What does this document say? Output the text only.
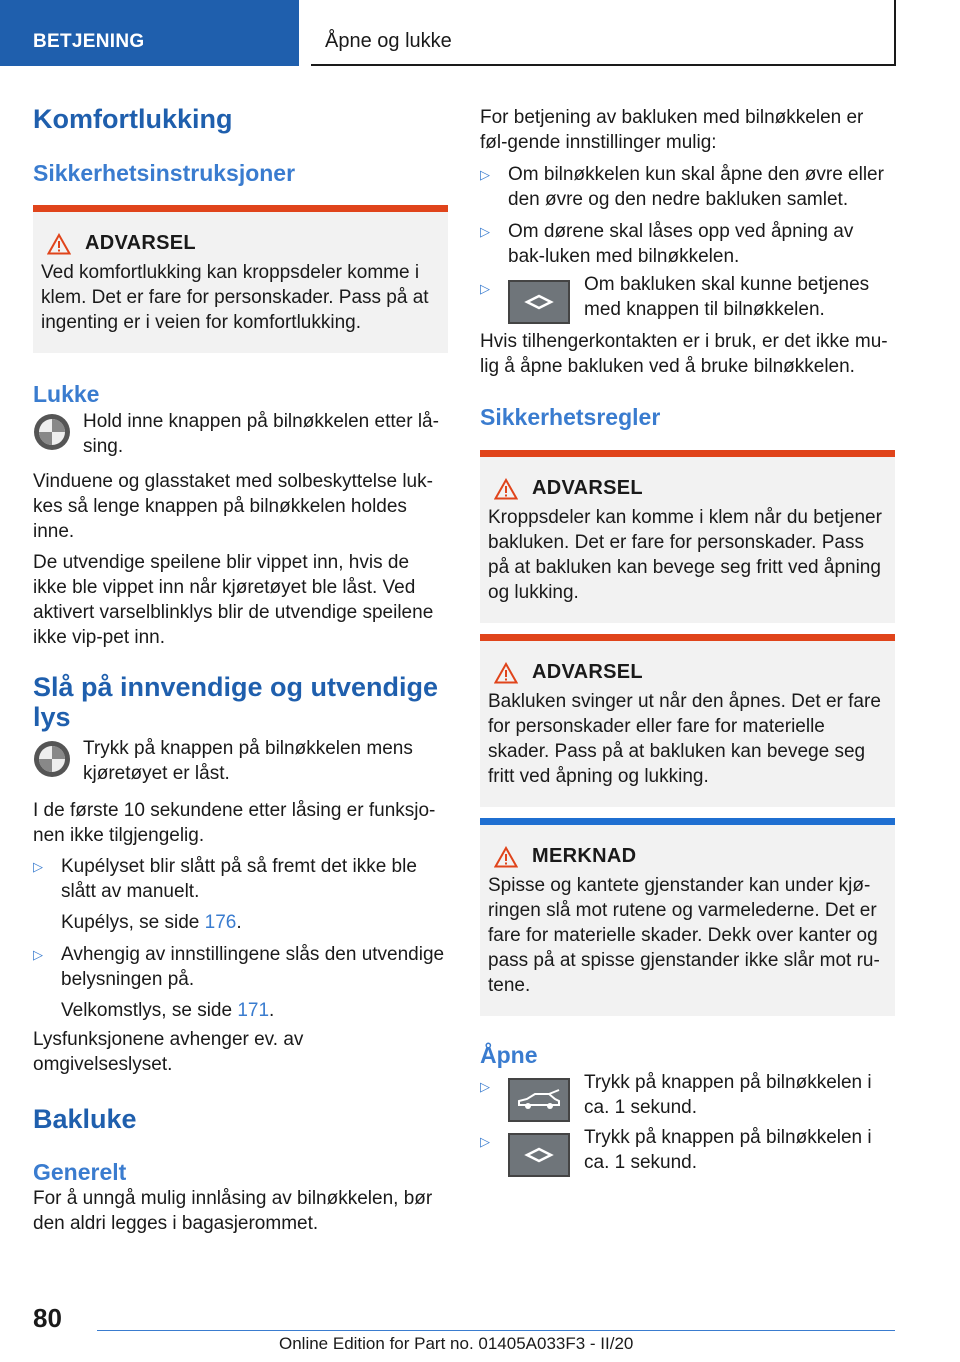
BETJENING	Åpne og lukke
Komfortlukking
Sikkerhetsinstruksjoner
ADVARSEL

Ved komfortlukking kan kroppsdeler komme i klem. Det er fare for personskader. Pass på at ingenting er i veien for komfortlukking.

Lukke

Hold inne knappen på bilnøkkelen etter lå-sing.

Vinduene og glasstaket med solbeskyttelse luk-kes så lenge knappen på bilnøkkelen holdes inne.

De utvendige speilene blir vippet inn, hvis de ikke ble vippet inn når kjøretøyet ble låst. Ved aktivert varselblinklys blir de utvendige speilene ikke vip-pet inn.

Slå på innvendige og utvendige lys

Trykk på knappen på bilnøkkelen mens kjøretøyet er låst.

I de første 10 sekundene etter låsing er funksjo-nen ikke tilgjengelig.

▷ Kupélyset blir slått på så fremt det ikke ble slått av manuelt.
Kupélys, se side 176.
▷ Avhengig av innstillingene slås den utvendige belysningen på.
Velkomstlys, se side 171.

Lysfunksjonene avhenger ev. av omgivelseslyset.

Bakluke
Generelt

For å unngå mulig innlåsing av bilnøkkelen, bør den aldri legges i bagasjerommet.

For betjening av bakluken med bilnøkkelen er føl-gende innstillinger mulig:

▷ Om bilnøkkelen kun skal åpne den øvre eller den øvre og den nedre bakluken samlet.
▷ Om dørene skal låses opp ved åpning av bak-luken med bilnøkkelen.
▷ Om bakluken skal kunne betjenes med knappen til bilnøkkelen.

Hvis tilhengerkontakten er i bruk, er det ikke mu-lig å åpne bakluken ved å bruke bilnøkkelen.

Sikkerhetsregler
ADVARSEL

Kroppsdeler kan komme i klem når du betjener bakluken. Det er fare for personskader. Pass på at bakluken kan bevege seg fritt ved åpning og lukking.

ADVARSEL

Bakluken svinger ut når den åpnes. Det er fare for personskader eller fare for materielle skader. Pass på at bakluken kan bevege seg fritt ved åpning og lukking.

MERKNAD

Spisse og kantete gjenstander kan under kjø-ringen slå mot rutene og varmelederne. Det er fare for materielle skader. Dekk over kanter og pass på at spisse gjenstander ikke slår mot ru-tene.

Åpne
▷ Trykk på knappen på bilnøkkelen i ca. 1 sekund.
▷ Trykk på knappen på bilnøkkelen i ca. 1 sekund.
80
Online Edition for Part no. 01405A033F3 - II/20
